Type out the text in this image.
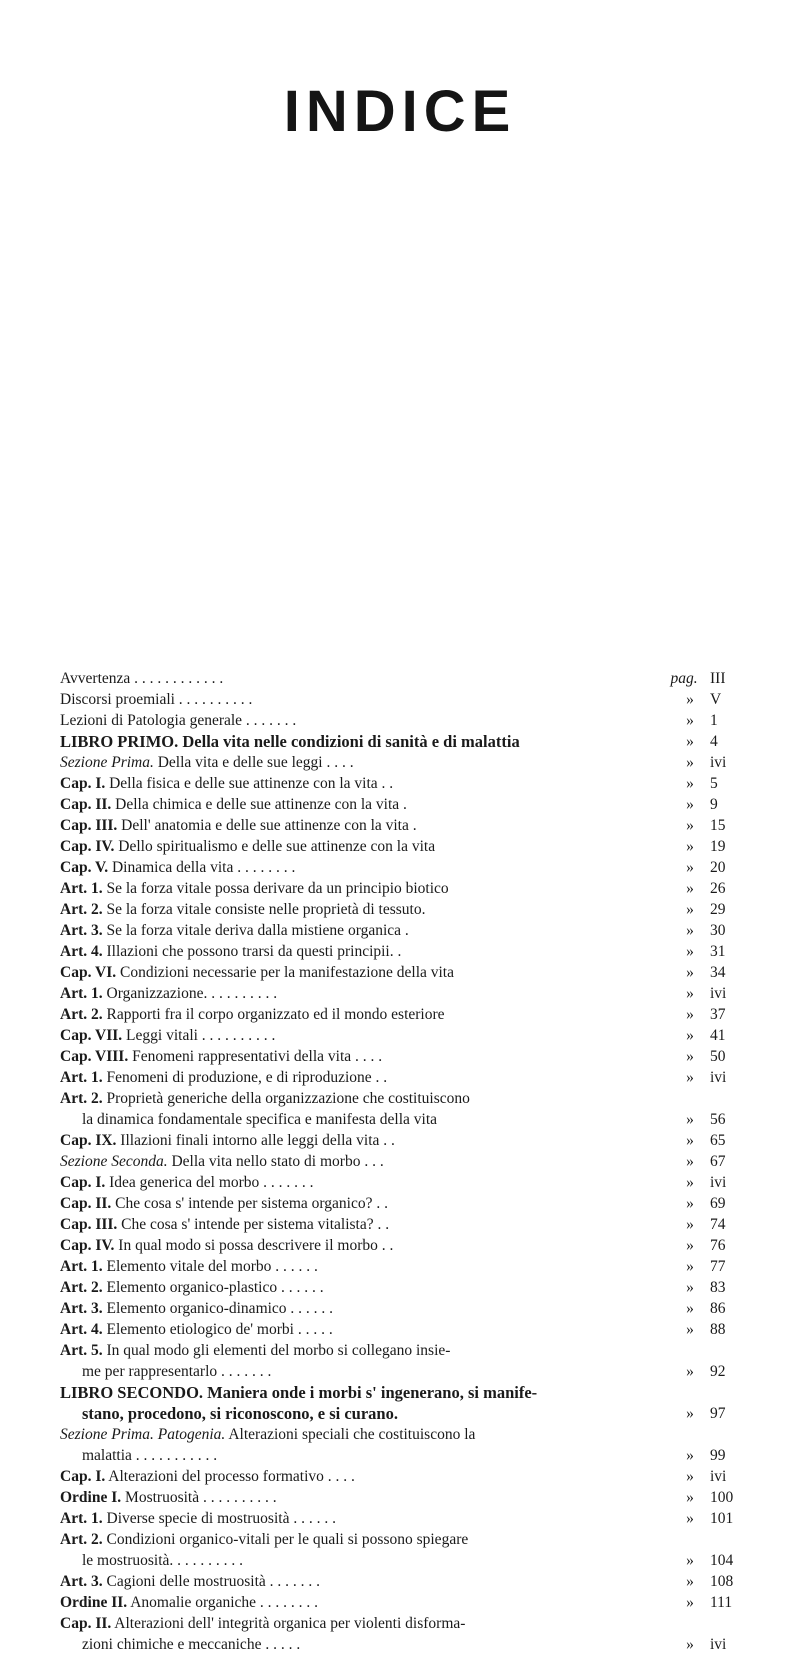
INDICE
Avvertenza . . . . . . . . . . . .	pag. III
Discorsi proemiali . . . . . . . . . .	»	V
Lezioni di Patologia generale . . . . . . .	»	1
LIBRO PRIMO. Della vita nelle condizioni di sanità e di malattia	»	4
Sezione Prima. Della vita e delle sue leggi . . . .	»	ivi
Cap. I. Della fisica e delle sue attinenze con la vita . .	»	5
Cap. II. Della chimica e delle sue attinenze con la vita .	»	9
Cap. III. Dell' anatomia e delle sue attinenze con la vita .	»	15
Cap. IV. Dello spiritualismo e delle sue attinenze con la vita	»	19
Cap. V. Dinamica della vita . . . . . . . .	»	20
Art. 1. Se la forza vitale possa derivare da un principio biotico	»	26
Art. 2. Se la forza vitale consiste nelle proprietà di tessuto.	»	29
Art. 3. Se la forza vitale deriva dalla mistiene organica .	»	30
Art. 4. Illazioni che possono trarsi da questi principii. .	»	31
Cap. VI. Condizioni necessarie per la manifestazione della vita	»	34
Art. 1. Organizzazione. . . . . . . . . .	»	ivi
Art. 2. Rapporti fra il corpo organizzato ed il mondo esteriore	»	37
Cap. VII. Leggi vitali . . . . . . . . . .	»	41
Cap. VIII. Fenomeni rappresentativi della vita . . . .	»	50
Art. 1. Fenomeni di produzione, e di riproduzione . .	»	ivi
Art. 2. Proprietà generiche della organizzazione che costituiscono
la dinamica fondamentale specifica e manifesta della vita	»	56
Cap. IX. Illazioni finali intorno alle leggi della vita . .	»	65
Sezione Seconda. Della vita nello stato di morbo . . .	»	67
Cap. I. Idea generica del morbo . . . . . . .	»	ivi
Cap. II. Che cosa s' intende per sistema organico? . .	»	69
Cap. III. Che cosa s' intende per sistema vitalista? . .	»	74
Cap. IV. In qual modo si possa descrivere il morbo . .	»	76
Art. 1. Elemento vitale del morbo . . . . . .	»	77
Art. 2. Elemento organico-plastico . . . . . .	»	83
Art. 3. Elemento organico-dinamico . . . . . .	»	86
Art. 4. Elemento etiologico de' morbi . . . . .	»	88
Art. 5. In qual modo gli elementi del morbo si collegano insie-
me per rappresentarlo . . . . . . .	»	92
LIBRO SECONDO. Maniera onde i morbi s' ingenerano, si manife-
stano, procedono, si riconoscono, e si curano.	»	97
Sezione Prima. Patogenia. Alterazioni speciali che costituiscono la
malattia . . . . . . . . . . .	»	99
Cap. I. Alterazioni del processo formativo . . . .	»	ivi
Ordine I. Mostruosità . . . . . . . . . .	»	100
Art. 1. Diverse specie di mostruosità . . . . . .	»	101
Art. 2. Condizioni organico-vitali per le quali si possono spiegare
le mostruosità. . . . . . . . . .	»	104
Art. 3. Cagioni delle mostruosità . . . . . . .	»	108
Ordine II. Anomalie organiche . . . . . . . .	»	111
Cap. II. Alterazioni dell' integrità organica per violenti disforma-
zioni chimiche e meccaniche . . . . .	»	ivi
